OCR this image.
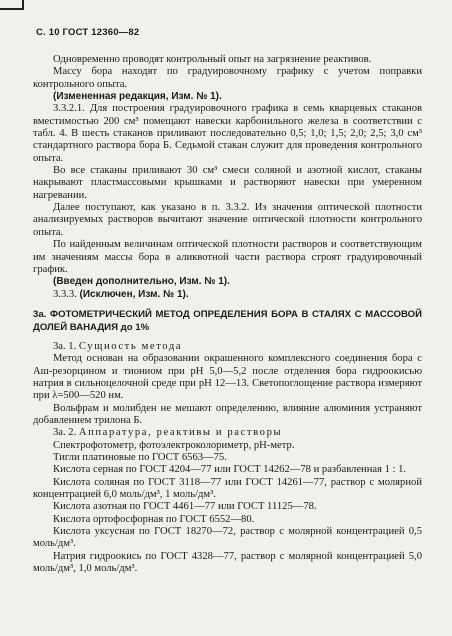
С. 10 ГОСТ 12360—82

Одновременно проводят контрольный опыт на загрязнение реактивов.

Массу бора находят по градуировочному графику с учетом поправки контрольного опыта.

(Измененная редакция, Изм. № 1).

3.3.2.1. Для построения градуировочного графика в семь кварцевых стаканов вместимостью 200 см³ помещают навески карбонильного железа в соответствии с табл. 4. В шесть стаканов приливают последовательно 0,5; 1,0; 1,5; 2,0; 2,5; 3,0 см³ стандартного раствора бора Б. Седьмой стакан служит для проведения контрольного опыта.

Во все стаканы приливают 30 см³ смеси соляной и азотной кислот, стаканы накрывают пластмассовыми крышками и растворяют навески при умеренном нагревании.

Далее поступают, как указано в п. 3.3.2. Из значения оптической плотности анализируемых растворов вычитают значение оптической плотности контрольного опыта.

По найденным величинам оптической плотности растворов и соответствующим им значениям массы бора в аликвотной части раствора строят градуировочный график.

(Введен дополнительно, Изм. № 1).

3.3.3. (Исключен, Изм. № 1).

3а. ФОТОМЕТРИЧЕСКИЙ МЕТОД ОПРЕДЕЛЕНИЯ БОРА В СТАЛЯХ С МАССОВОЙ ДОЛЕЙ ВАНАДИЯ до 1%

3а. 1. Сущность метода

Метод основан на образовании окрашенного комплексного соединения бора с Аш-резорцином и тиониом при pH 5,0—5,2 после отделения бора гидроокисью натрия в сильноцелочной среде при pH 12—13. Светопоглощение раствора измеряют при λ=500—520 нм.

Вольфрам и молибден не мешают определению, влияние алюминия устраняют добавлением трилона Б.

3а. 2. Аппаратура, реактивы и растворы

Спектрофотометр, фотоэлектроколориметр, pH-метр.

Тигли платиновые по ГОСТ 6563—75.

Кислота серная по ГОСТ 4204—77 или ГОСТ 14262—78 и разбавленная 1 : 1.

Кислота соляная по ГОСТ 3118—77 или ГОСТ 14261—77, раствор с молярной концентрацией 6,0 моль/дм³, 1 моль/дм³.

Кислота азотная по ГОСТ 4461—77 или ГОСТ 11125—78.

Кислота ортофосфорная по ГОСТ 6552—80.

Кислота уксусная по ГОСТ 18270—72, раствор с молярной концентрацией 0,5 моль/дм³.

Натрия гидроокись по ГОСТ 4328—77, раствор с молярной концентрацией 5,0 моль/дм³, 1,0 моль/дм³.
